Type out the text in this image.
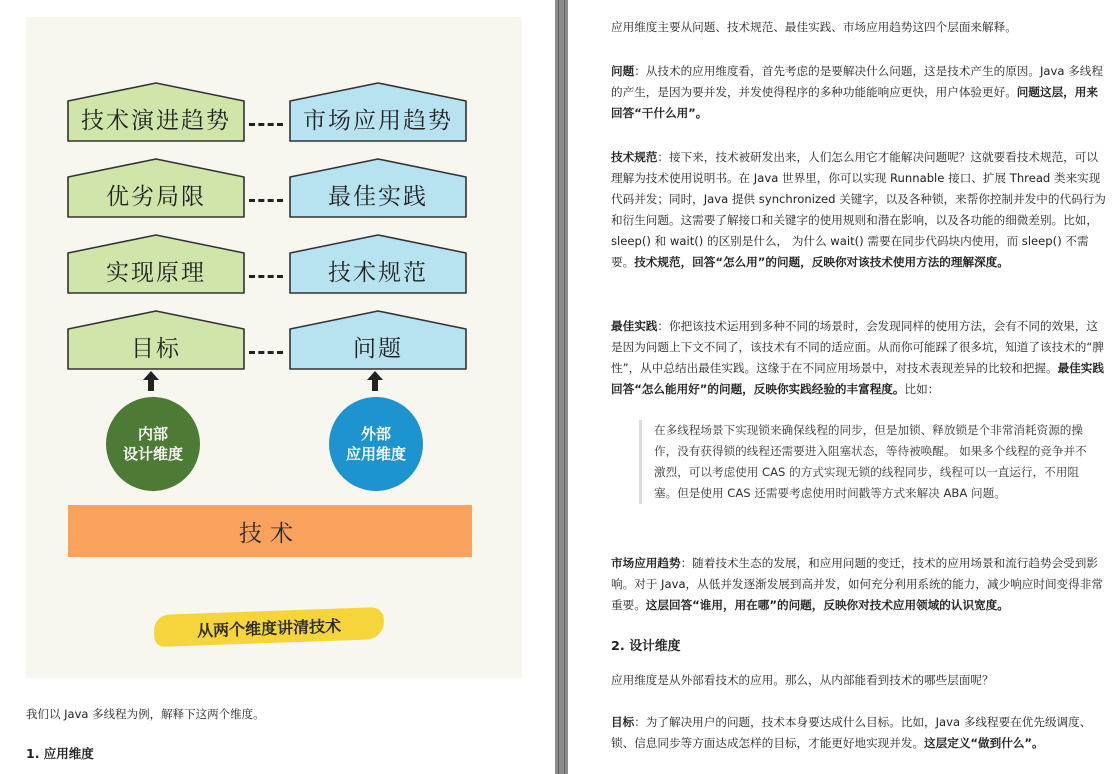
技术演进趋势	市场应用趋势
优劣局限	最佳实践
实现原理	技术规范
目标	问题
内部
设计维度
外部
应用维度
技术
从两个维度讲清技术
我们以 Java 多线程为例，解释下这两个维度。
1. 应用维度
应用维度主要从问题、技术规范、最佳实践、市场应用趋势这四个层面来解释。
问题：从技术的应用维度看，首先考虑的是要解决什么问题，这是技术产生的原因。Java 多线程的产生，是因为要并发，并发使得程序的多种功能能响应更快，用户体验更好。问题这层，用来回答“干什么用”。
技术规范：接下来，技术被研发出来，人们怎么用它才能解决问题呢？这就要看技术规范，可以理解为技术使用说明书。在 Java 世界里，你可以实现 Runnable 接口、扩展 Thread 类来实现代码并发；同时，Java 提供 synchronized 关键字，以及各种锁，来帮你控制并发中的代码行为和衍生问题。这需要了解接口和关键字的使用规则和潜在影响，以及各功能的细微差别。比如， sleep() 和 wait() 的区别是什么， 为什么 wait() 需要在同步代码块内使用，而 sleep() 不需要。技术规范，回答“怎么用”的问题，反映你对该技术使用方法的理解深度。
最佳实践：你把该技术运用到多种不同的场景时，会发现同样的使用方法，会有不同的效果，这是因为问题上下文不同了，该技术有不同的适应面。从而你可能踩了很多坑，知道了该技术的“脾性”，从中总结出最佳实践。这缘于在不同应用场景中，对技术表现差异的比较和把握。最佳实践回答“怎么能用好”的问题，反映你实践经验的丰富程度。比如：
在多线程场景下实现锁来确保线程的同步，但是加锁、释放锁是个非常消耗资源的操作，没有获得锁的线程还需要进入阻塞状态，等待被唤醒。 如果多个线程的竞争并不激烈，可以考虑使用 CAS 的方式实现无锁的线程同步，线程可以一直运行，不用阻塞。但是使用 CAS 还需要考虑使用时间戳等方式来解决 ABA 问题。
市场应用趋势：随着技术生态的发展，和应用问题的变迁，技术的应用场景和流行趋势会受到影响。对于 Java，从低并发逐渐发展到高并发，如何充分利用系统的能力，减少响应时间变得非常重要。这层回答“谁用，用在哪”的问题，反映你对技术应用领域的认识宽度。
2. 设计维度
应用维度是从外部看技术的应用。那么，从内部能看到技术的哪些层面呢？
目标：为了解决用户的问题，技术本身要达成什么目标。比如，Java 多线程要在优先级调度、锁、信息同步等方面达成怎样的目标，才能更好地实现并发。这层定义“做到什么”。
